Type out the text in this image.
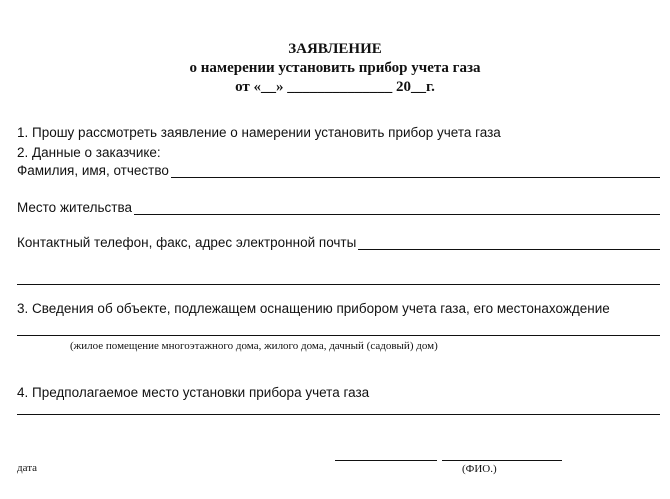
ЗАЯВЛЕНИЕ
о намерении установить прибор учета газа
от «__» ______________ 20__г.
1. Прошу рассмотреть заявление о намерении установить прибор учета газа
2. Данные о заказчике:
Фамилия, имя, отчество
Место жительства
Контактный телефон, факс, адрес электронной почты
3. Сведения об объекте, подлежащем оснащению прибором учета газа, его местонахождение
(жилое помещение многоэтажного дома, жилого дома, дачный (садовый) дом)
4. Предполагаемое место установки прибора учета газа
дата	(ФИО.)
